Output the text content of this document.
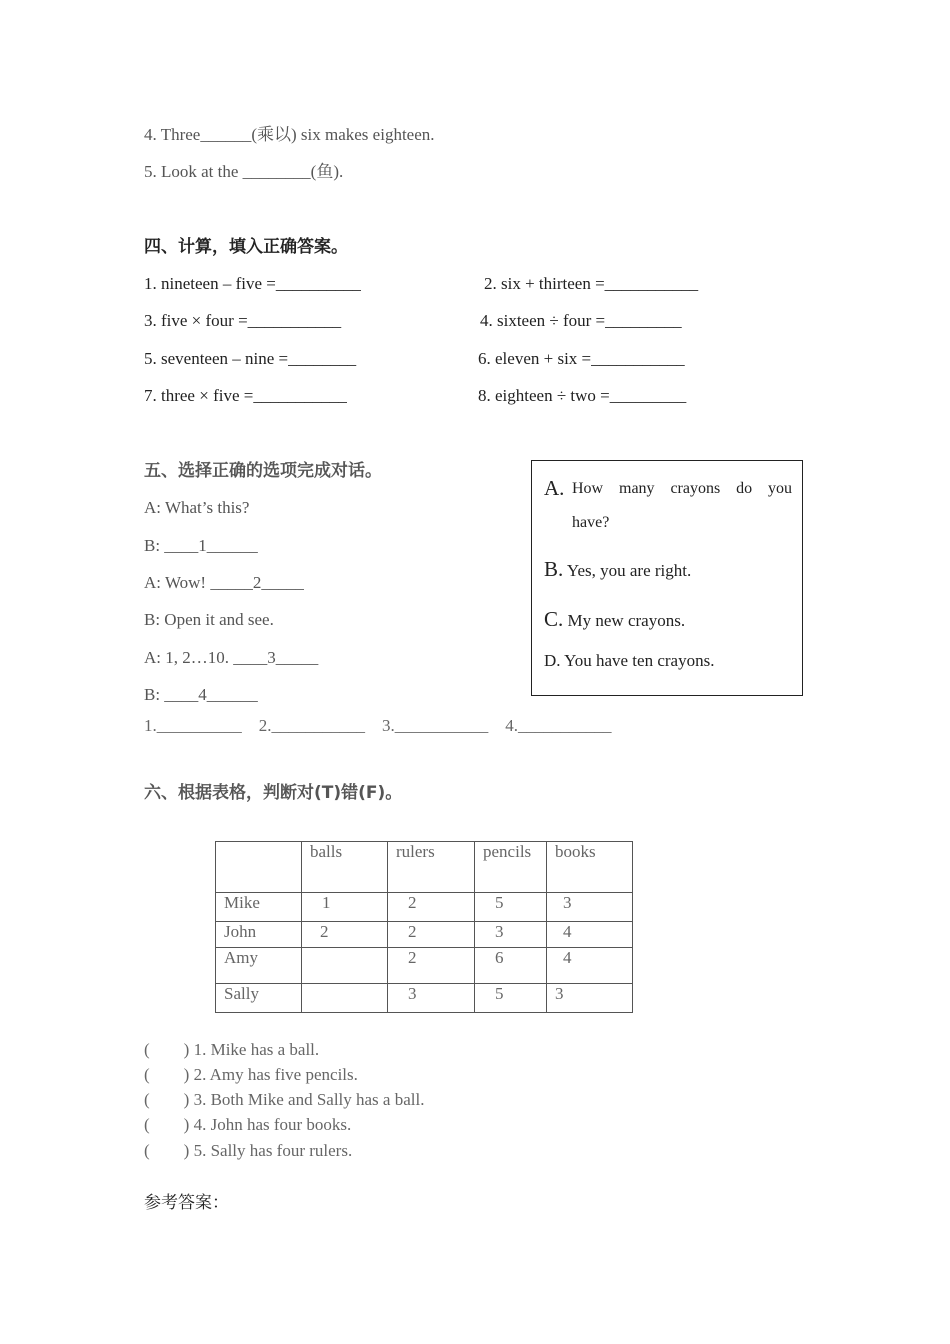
4. Three______(乘以) six makes eighteen.
5. Look at the ________(鱼).
四、计算，填入正确答案。
1. nineteen – five =__________	2. six + thirteen =___________
3. five × four =___________	4. sixteen ÷ four =_________
5. seventeen – nine =________	6. eleven + six =___________
7. three × five =___________	8. eighteen ÷ two =_________
五、选择正确的选项完成对话。
A: What’s this?
B: ____1______
A: Wow! _____2_____
B: Open it and see.
A: 1, 2…10. ____3_____
B: ____4______
1.__________    2.___________    3.___________    4.___________
A. How many crayons do you
have?
B. Yes, you are right.
C. My new crayons.
D. You have ten crayons.
六、根据表格，判断对(T)错(F)。
	balls	rulers	pencils	books
Mike	1	2	5	3
John	2	2	3	4
Amy		2	6	4
Sally		3	5	3
(        ) 1. Mike has a ball.
(        ) 2. Amy has five pencils.
(        ) 3. Both Mike and Sally has a ball.
(        ) 4. John has four books.
(        ) 5. Sally has four rulers.
参考答案：
